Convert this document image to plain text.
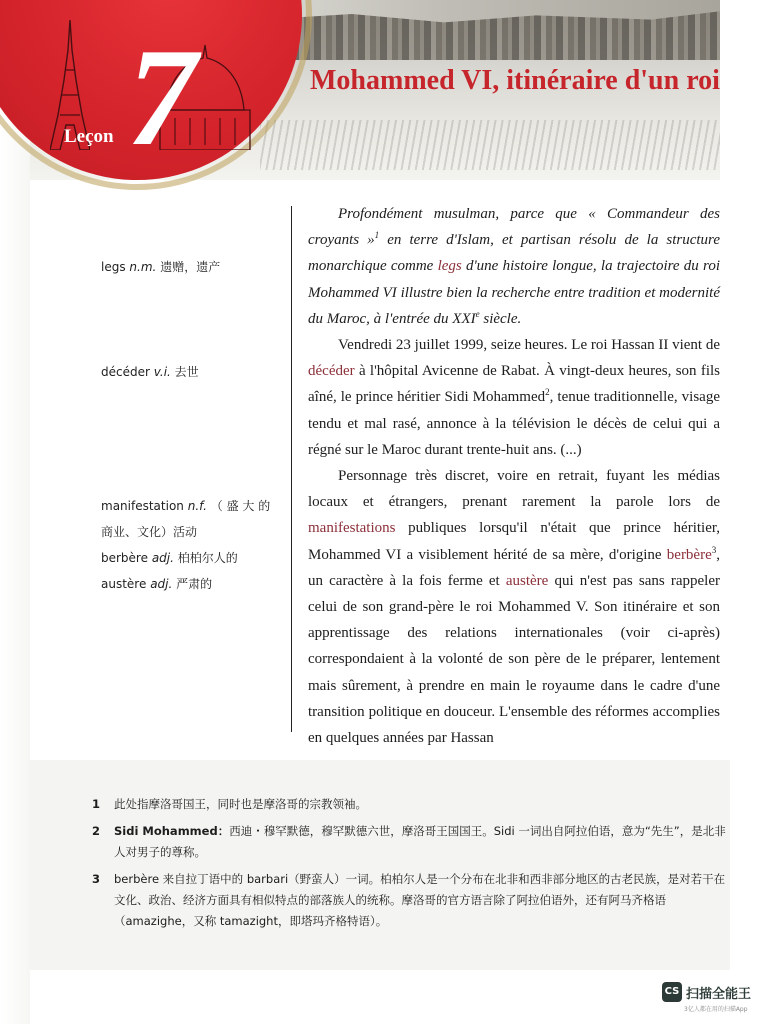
7
Leçon
Mohammed VI, itinéraire d'un roi
legs n.m. 遗赠，遗产
décéder v.i. 去世
manifestation n.f. （ 盛 大 的
商业、文化）活动
berbère adj. 柏柏尔人的
austère adj. 严肃的

Profondément musulman, parce que « Commandeur des croyants »$^1$ en terre d'Islam, et partisan résolu de la structure monarchique comme legs d'une histoire longue, la trajectoire du roi Mohammed VI illustre bien la recherche entre tradition et modernité du Maroc, à l'entrée du XXIe siècle.

Vendredi 23 juillet 1999, seize heures. Le roi Hassan II vient de décéder à l'hôpital Avicenne de Rabat. À vingt-deux heures, son fils aîné, le prince héritier Sidi Mohammed$^2$, tenue traditionnelle, visage tendu et mal rasé, annonce à la télévision le décès de celui qui a régné sur le Maroc durant trente-huit ans. (...)

Personnage très discret, voire en retrait, fuyant les médias locaux et étrangers, prenant rarement la parole lors de manifestations publiques lorsqu'il n'était que prince héritier, Mohammed VI a visiblement hérité de sa mère, d'origine berbère$^3$, un caractère à la fois ferme et austère qui n'est pas sans rappeler celui de son grand-père le roi Mohammed V. Son itinéraire et son apprentissage des relations internationales (voir ci-après) correspondaient à la volonté de son père de le préparer, lentement mais sûrement, à prendre en main le royaume dans le cadre d'une transition politique en douceur. L'ensemble des réformes accomplies en quelques années par Hassan

1	此处指摩洛哥国王，同时也是摩洛哥的宗教领袖。
2	Sidi Mohammed：西迪・穆罕默德，穆罕默德六世，摩洛哥王国国王。Sidi 一词出自阿拉伯语，意为“先生”，是北非人对男子的尊称。
3	berbère 来自拉丁语中的 barbari（野蛮人）一词。柏柏尔人是一个分布在北非和西非部分地区的古老民族，是对若干在文化、政治、经济方面具有相似特点的部落族人的统称。摩洛哥的官方语言除了阿拉伯语外，还有阿马齐格语（amazighe，又称 tamazight，即塔玛齐格特语）。
CS 扫描全能王
3亿人都在用的扫描App
